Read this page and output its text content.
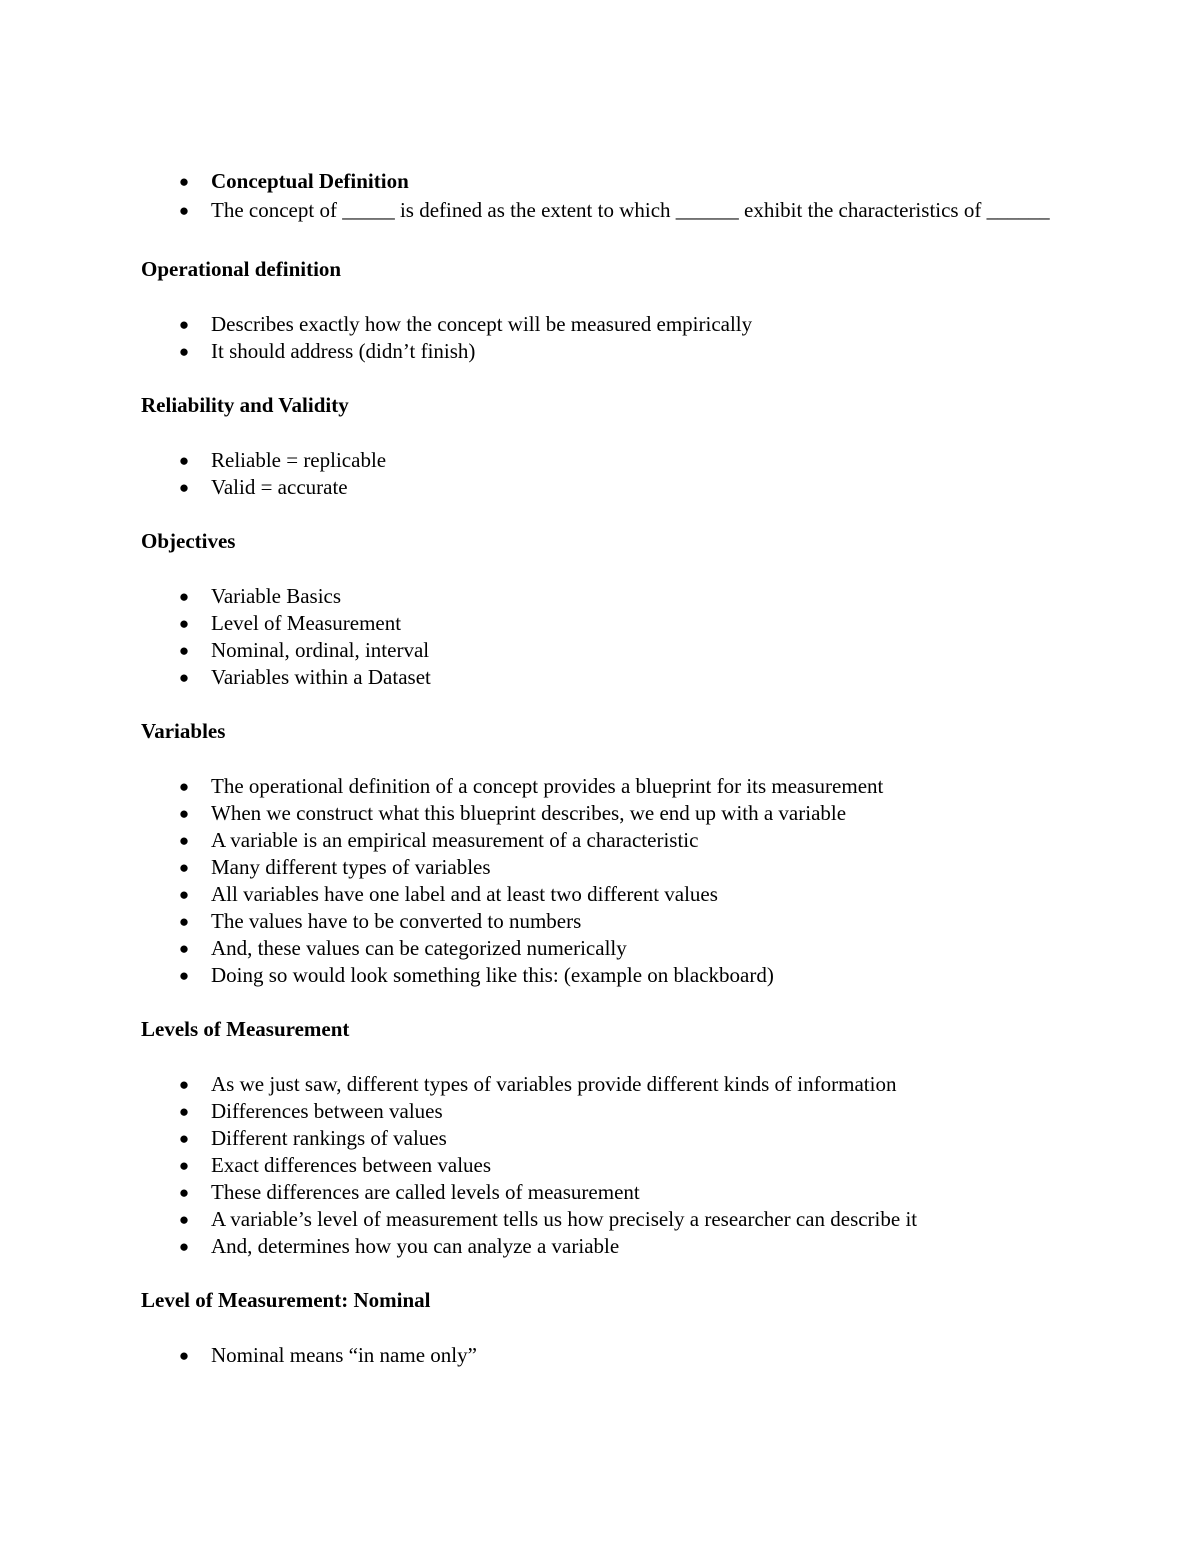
● Conceptual Definition
● The concept of _____ is defined as the extent to which ______ exhibit the characteristics of ______

Operational definition

● Describes exactly how the concept will be measured empirically
● It should address (didn’t finish)

Reliability and Validity

● Reliable = replicable
● Valid = accurate

Objectives

● Variable Basics
● Level of Measurement
● Nominal, ordinal, interval
● Variables within a Dataset

Variables

● The operational definition of a concept provides a blueprint for its measurement
● When we construct what this blueprint describes, we end up with a variable
● A variable is an empirical measurement of a characteristic
● Many different types of variables
● All variables have one label and at least two different values
● The values have to be converted to numbers
● And, these values can be categorized numerically
● Doing so would look something like this: (example on blackboard)

Levels of Measurement

● As we just saw, different types of variables provide different kinds of information
● Differences between values
● Different rankings of values
● Exact differences between values
● These differences are called levels of measurement
● A variable’s level of measurement tells us how precisely a researcher can describe it
● And, determines how you can analyze a variable

Level of Measurement: Nominal

● Nominal means “in name only”
